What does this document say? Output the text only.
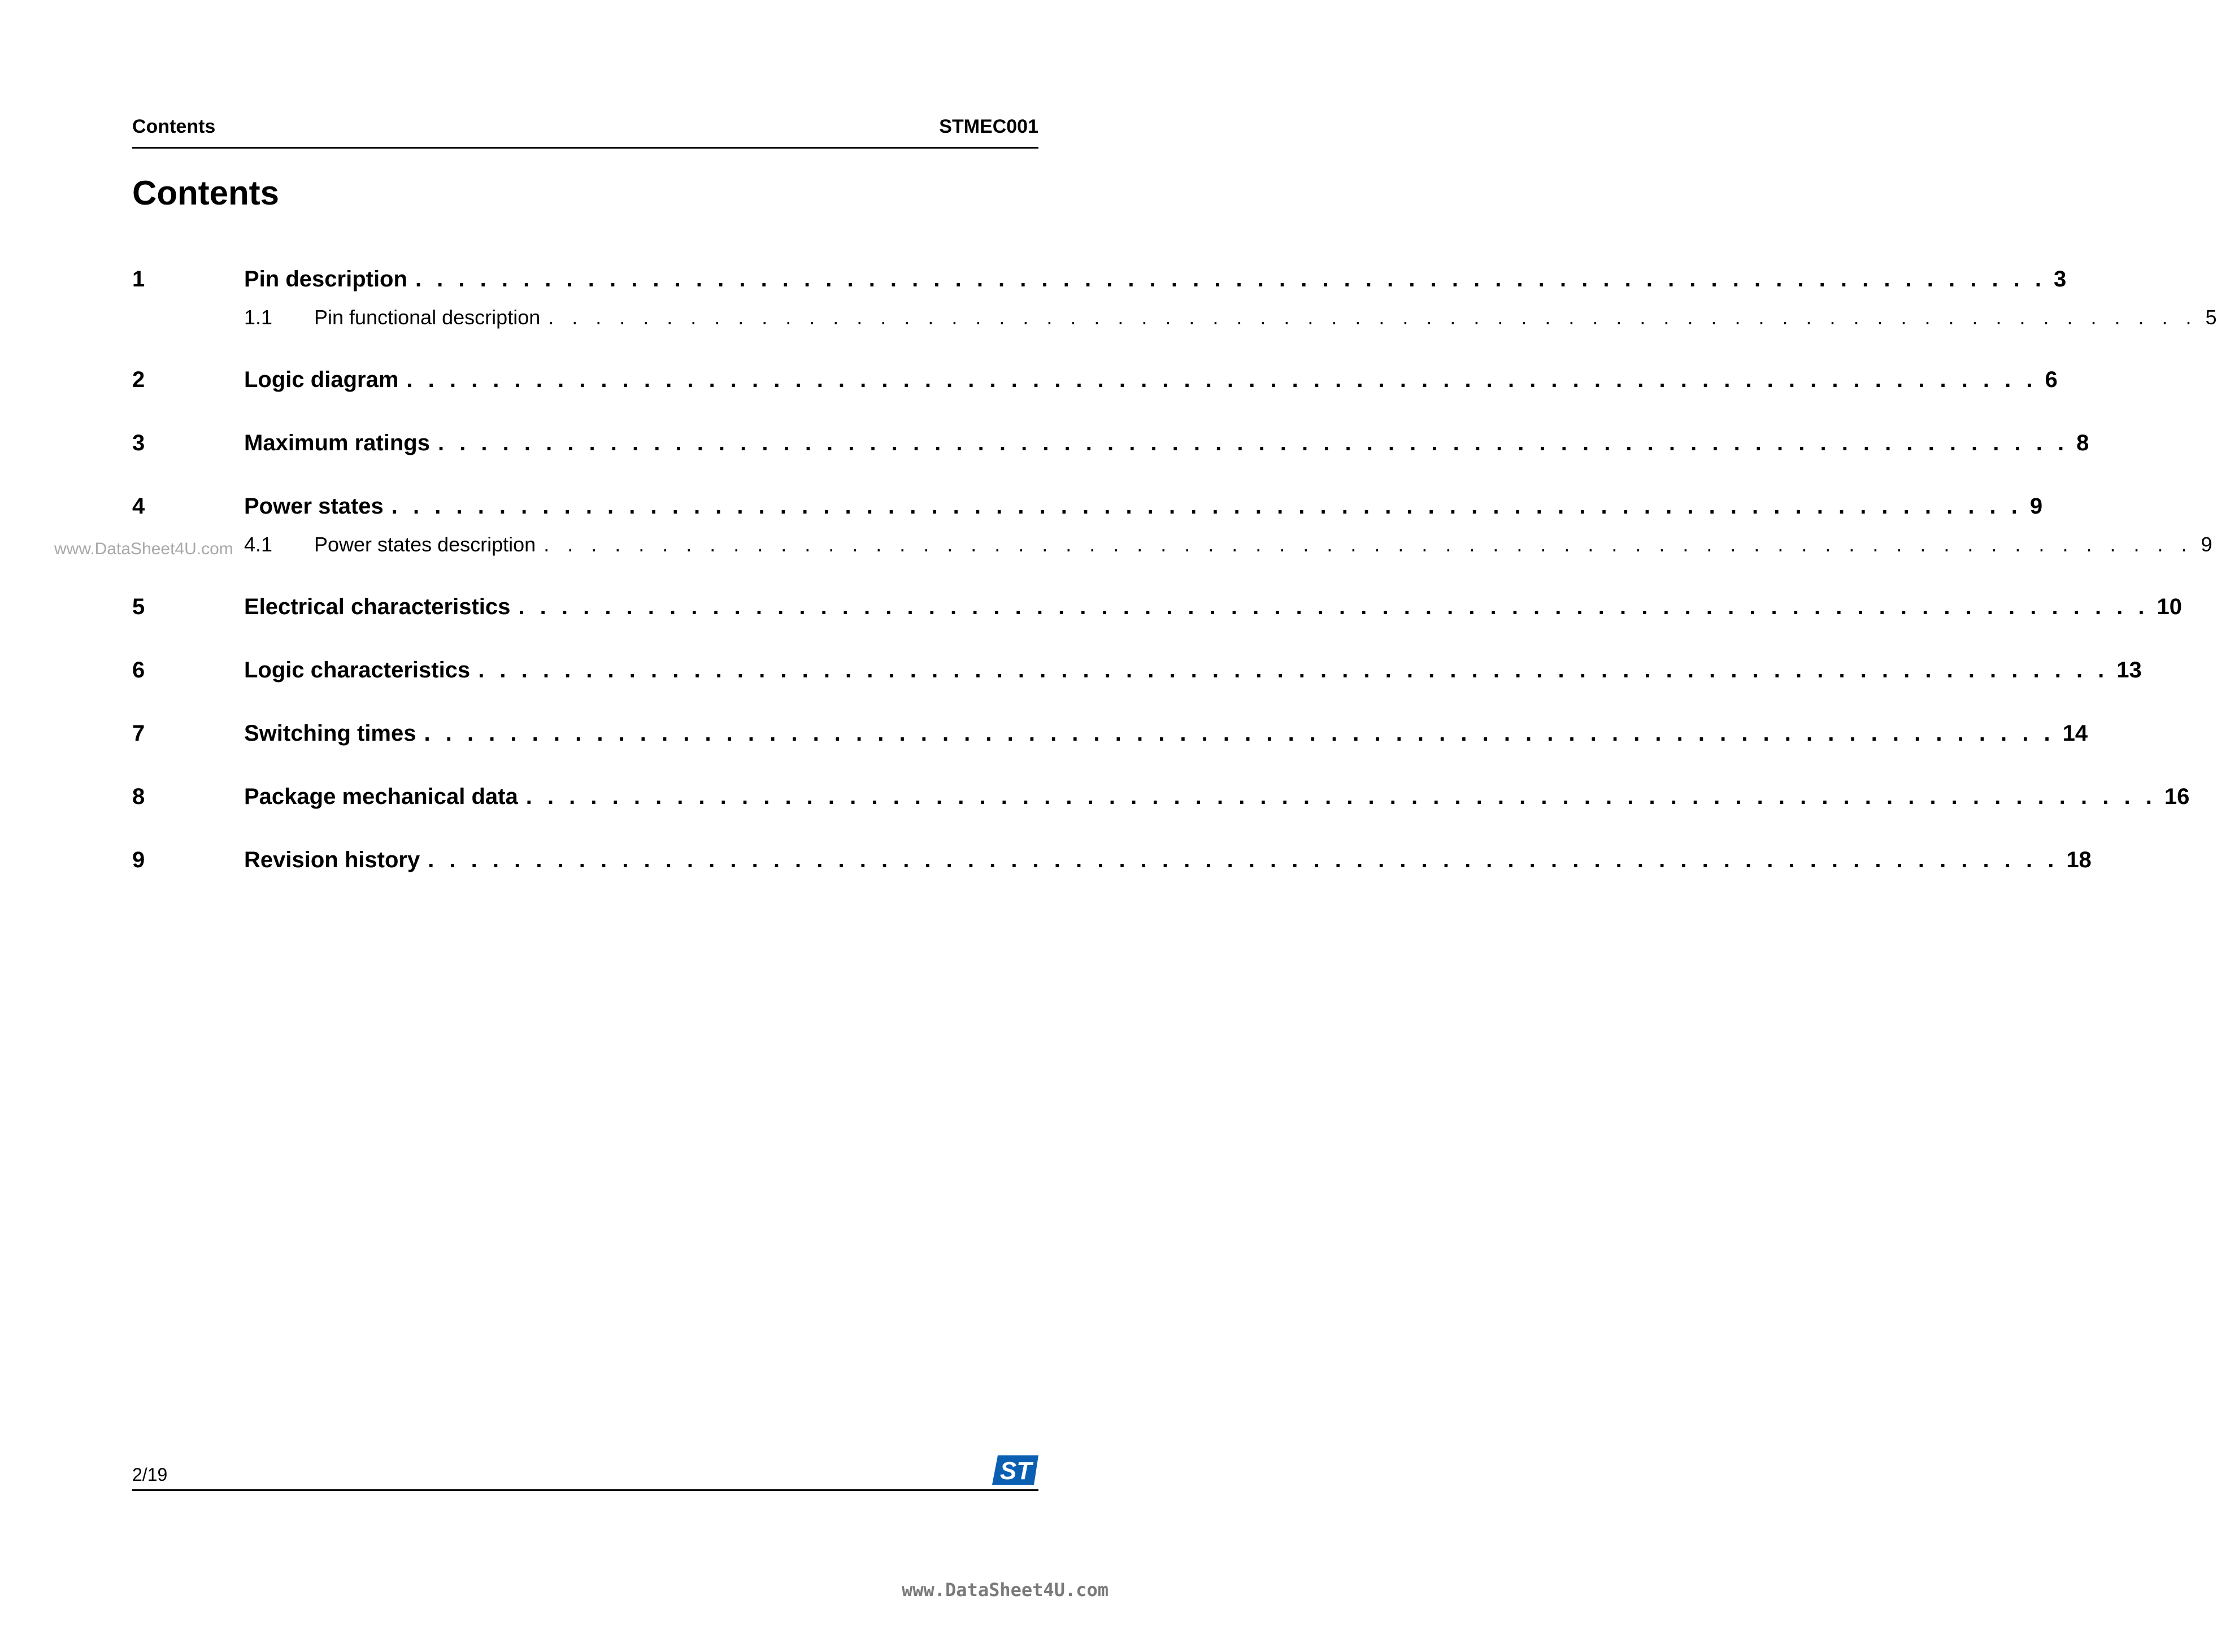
Contents	STMEC001
Contents
1	Pin description . . . . . . . . . . . . . . . . . . . . . . . . . . . . . . . . . . . . . . . . . . . . . . . . . . . . . . . . . . . . . . . . . . . . . . . . . . . . 3
1.1 Pin functional description . . . . . . . . . . . . . . . . . . . . . . . . . . . . . . . . . . . . . . . . . . . . . . . . . . . . . . . . . . . . . . . . . . . . . . 5
2	Logic diagram . . . . . . . . . . . . . . . . . . . . . . . . . . . . . . . . . . . . . . . . . . . . . . . . . . . . . . . . . . . . . . . . . . . . . . . . . . . . 6
3	Maximum ratings . . . . . . . . . . . . . . . . . . . . . . . . . . . . . . . . . . . . . . . . . . . . . . . . . . . . . . . . . . . . . . . . . . . . . . . . . . . . 8
4	Power states . . . . . . . . . . . . . . . . . . . . . . . . . . . . . . . . . . . . . . . . . . . . . . . . . . . . . . . . . . . . . . . . . . . . . . . . . . . . 9
4.1 Power states description . . . . . . . . . . . . . . . . . . . . . . . . . . . . . . . . . . . . . . . . . . . . . . . . . . . . . . . . . . . . . . . . . . . . . . 9
5	Electrical characteristics . . . . . . . . . . . . . . . . . . . . . . . . . . . . . . . . . . . . . . . . . . . . . . . . . . . . . . . . . . . . . . . . . . . . . . . . . . . . 10
6	Logic characteristics . . . . . . . . . . . . . . . . . . . . . . . . . . . . . . . . . . . . . . . . . . . . . . . . . . . . . . . . . . . . . . . . . . . . . . . . . . . . 13
7	Switching times . . . . . . . . . . . . . . . . . . . . . . . . . . . . . . . . . . . . . . . . . . . . . . . . . . . . . . . . . . . . . . . . . . . . . . . . . . . . 14
8	Package mechanical data . . . . . . . . . . . . . . . . . . . . . . . . . . . . . . . . . . . . . . . . . . . . . . . . . . . . . . . . . . . . . . . . . . . . . . . . . . . . 16
9	Revision history . . . . . . . . . . . . . . . . . . . . . . . . . . . . . . . . . . . . . . . . . . . . . . . . . . . . . . . . . . . . . . . . . . . . . . . . . . . . 18
www.DataSheet4U.com
2/19	ST
www.DataSheet4U.com
